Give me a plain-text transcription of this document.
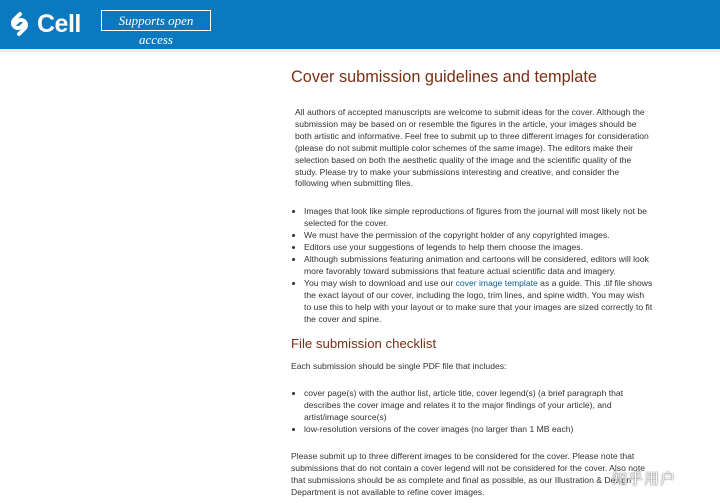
Cell	Supports open access
Cover submission guidelines and template

All authors of accepted manuscripts are welcome to submit ideas for the cover. Although the submission may be based on or resemble the figures in the article, your images should be both artistic and informative. Feel free to submit up to three different images for consideration (please do not submit multiple color schemes of the same image). The editors make their selection based on both the aesthetic quality of the image and the scientific quality of the study. Please try to make your submissions interesting and creative, and consider the following when submitting files.

• Images that look like simple reproductions of figures from the journal will most likely not be selected for the cover.
• We must have the permission of the copyright holder of any copyrighted images.
• Editors use your suggestions of legends to help them choose the images.
• Although submissions featuring animation and cartoons will be considered, editors will look more favorably toward submissions that feature actual scientific data and imagery.
• You may wish to download and use our cover image template as a guide. This .tif file shows the exact layout of our cover, including the logo, trim lines, and spine width. You may wish to use this to help with your layout or to make sure that your images are sized correctly to fit the cover and spine.
File submission checklist
Each submission should be single PDF file that includes:
• cover page(s) with the author list, article title, cover legend(s) (a brief paragraph that describes the cover image and relates it to the major findings of your article), and artist/image source(s)
• low-resolution versions of the cover images (no larger than 1 MB each)
Please submit up to three different images to be considered for the cover. Please note that submissions that do not contain a cover legend will not be considered for the cover. Also note that submissions should be as complete and final as possible, as our Illustration & Design Department is not available to refine cover images.
知乎用户
